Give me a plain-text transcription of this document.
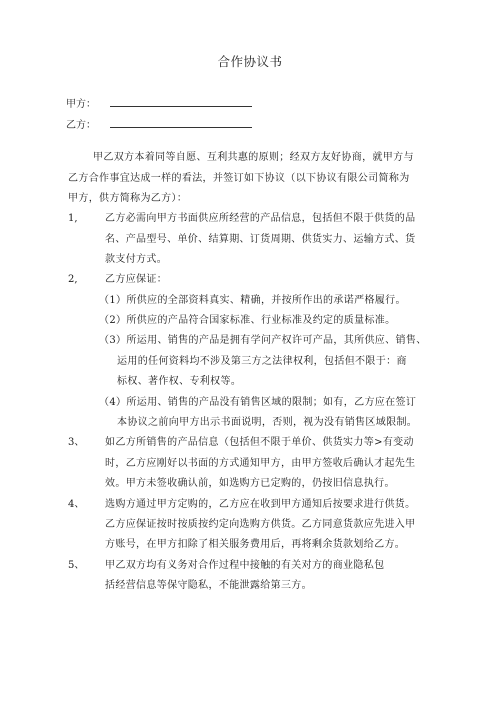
合作协议书
甲方：
乙方：
甲乙双方本着同等自愿、互利共惠的原则；经双方友好协商，就甲方与
乙方合作事宜达成一样的看法，并签订如下协议（以下协议有限公司简称为
甲方，供方简称为乙方）：
1,	乙方必需向甲方书面供应所经营的产品信息，包括但不限于供货的品
名、产品型号、单价、结算期、订货周期、供货实力、运输方式、货
款支付方式。
2,	乙方应保证：
（1）所供应的全部资料真实、精确，并按所作出的承诺严格履行。
（2）所供应的产品符合国家标准、行业标准及约定的质量标准。
（3）所运用、销售的产品是拥有学问产权许可产品，其所供应、销售、
运用的任何资料均不涉及第三方之法律权利，包括但不限于：商
标权、著作权、专利权等。
（4）所运用、销售的产品没有销售区域的限制；如有，乙方应在签订
本协议之前向甲方出示书面说明，否则，视为没有销售区域限制。
3、 如乙方所销售的产品信息（包括但不限于单价、供货实力等>有变动
时，乙方应刚好以书面的方式通知甲方，由甲方签收后确认才起先生
效。甲方未签收确认前，如选购方已定购的，仍按旧信息执行。
4、 选购方通过甲方定购的，乙方应在收到甲方通知后按要求进行供货。
乙方应保证按时按质按约定向选购方供货。乙方同意货款应先进入甲
方账号，在甲方扣除了相关服务费用后，再将剩余货款划给乙方。
5、 甲乙双方均有义务对合作过程中接触的有关对方的商业隐私包
括经营信息等保守隐私，不能泄露给第三方。
